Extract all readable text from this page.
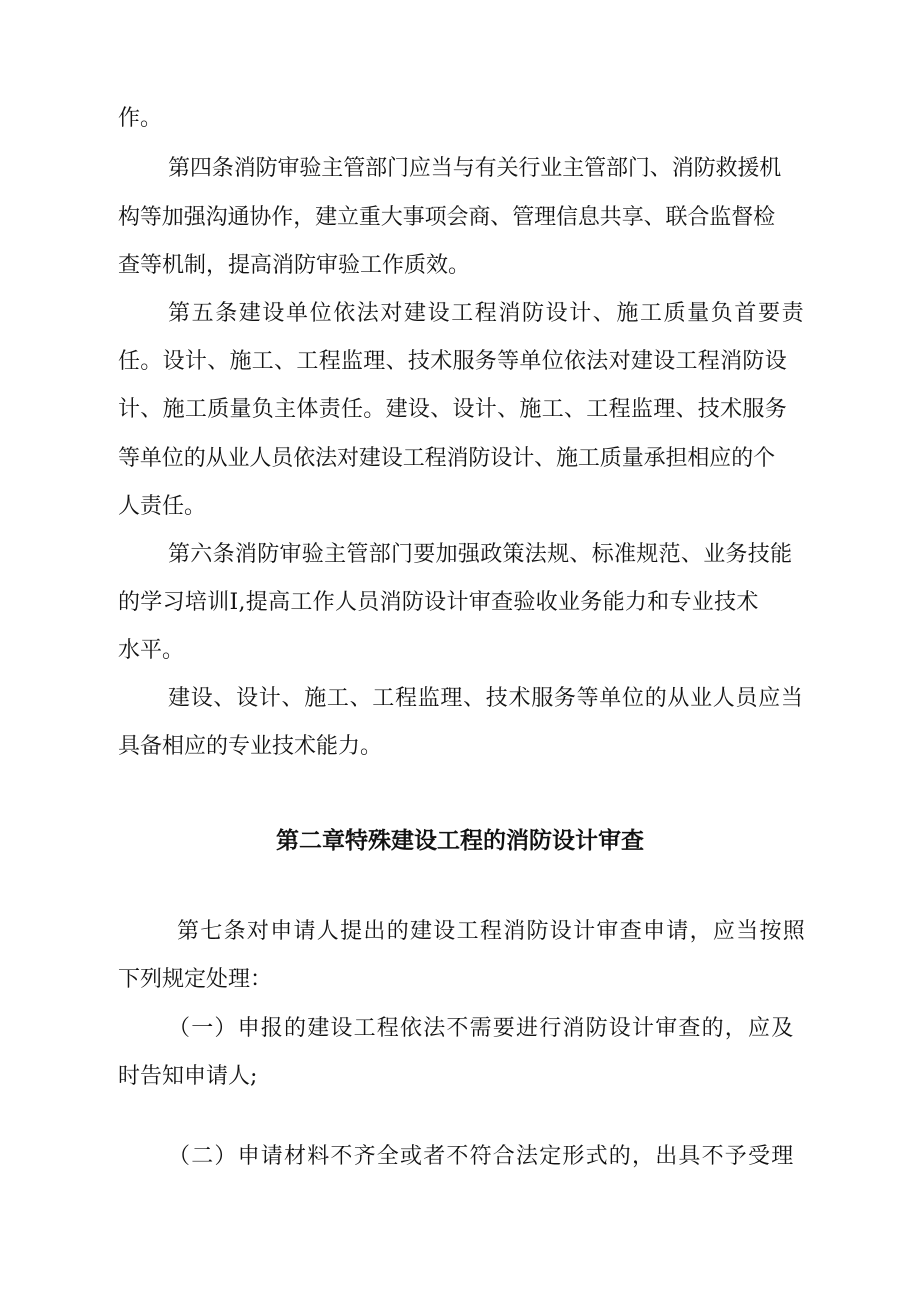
作。

第四条消防审验主管部门应当与有关行业主管部门、消防救援机

构等加强沟通协作，建立重大事项会商、管理信息共享、联合监督检

查等机制，提高消防审验工作质效。

第五条建设单位依法对建设工程消防设计、施工质量负首要责

任。设计、施工、工程监理、技术服务等单位依法对建设工程消防设

计、施工质量负主体责任。建设、设计、施工、工程监理、技术服务

等单位的从业人员依法对建设工程消防设计、施工质量承担相应的个

人责任。

第六条消防审验主管部门要加强政策法规、标准规范、业务技能

的学习培训I,提高工作人员消防设计审查验收业务能力和专业技术

水平。

建设、设计、施工、工程监理、技术服务等单位的从业人员应当

具备相应的专业技术能力。

第二章特殊建设工程的消防设计审查

第七条对申请人提出的建设工程消防设计审查申请，应当按照

下列规定处理：

（一）申报的建设工程依法不需要进行消防设计审查的，应及

时告知申请人;

（二）申请材料不齐全或者不符合法定形式的，出具不予受理
